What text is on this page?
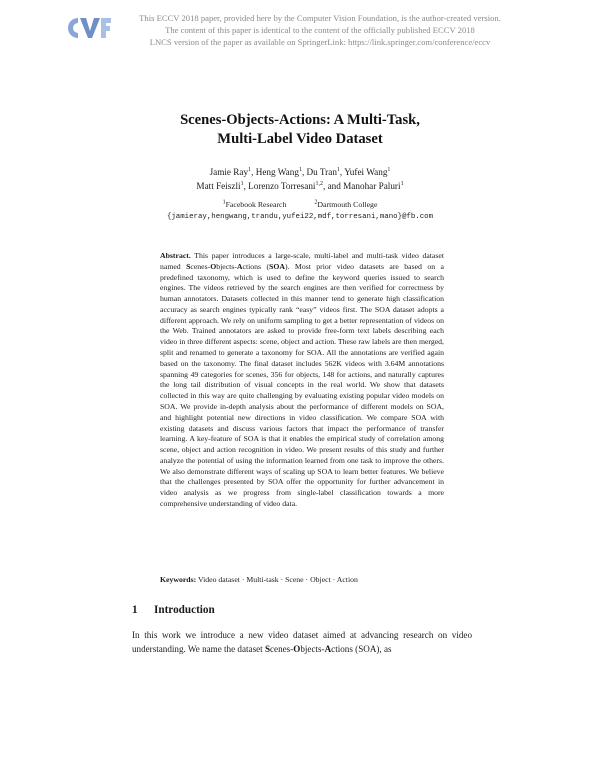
CVF
This ECCV 2018 paper, provided here by the Computer Vision Foundation, is the author-created version.
The content of this paper is identical to the content of the officially published ECCV 2018
LNCS version of the paper as available on SpringerLink: https://link.springer.com/conference/eccv
Scenes-Objects-Actions: A Multi-Task,
Multi-Label Video Dataset
Jamie Ray$^1$, Heng Wang$^1$, Du Tran$^1$, Yufei Wang$^1$
Matt Feiszli$^1$, Lorenzo Torresani$^{1,2}$, and Manohar Paluri$^1$
$^1$Facebook Research	$^2$Dartmouth College
{jamieray,hengwang,trandu,yufei22,mdf,torresani,mano}@fb.com
Abstract. This paper introduces a large-scale, multi-label and multi-task video dataset named Scenes-Objects-Actions (SOA). Most prior video datasets are based on a predefined taxonomy, which is used to define the keyword queries issued to search engines. The videos retrieved by the search engines are then verified for correctness by human annotators. Datasets collected in this manner tend to generate high classification accuracy as search engines typically rank “easy” videos first. The SOA dataset adopts a different approach. We rely on uniform sampling to get a better representation of videos on the Web. Trained annotators are asked to provide free-form text labels describing each video in three different aspects: scene, object and action. These raw labels are then merged, split and renamed to generate a taxonomy for SOA. All the annotations are verified again based on the taxonomy. The final dataset includes 562K videos with 3.64M annotations spanning 49 categories for scenes, 356 for objects, 148 for actions, and naturally captures the long tail distribution of visual concepts in the real world. We show that datasets collected in this way are quite challenging by evaluating existing popular video models on SOA. We provide in-depth analysis about the performance of different models on SOA, and highlight potential new directions in video classification. We compare SOA with existing datasets and discuss various factors that impact the performance of transfer learning. A key-feature of SOA is that it enables the empirical study of correlation among scene, object and action recognition in video. We present results of this study and further analyze the potential of using the information learned from one task to improve the others. We also demonstrate different ways of scaling up SOA to learn better features. We believe that the challenges presented by SOA offer the opportunity for further advancement in video analysis as we progress from single-label classification towards a more comprehensive understanding of video data.
Keywords: Video dataset · Multi-task · Scene · Object · Action
1 Introduction
In this work we introduce a new video dataset aimed at advancing research on video understanding. We name the dataset Scenes-Objects-Actions (SOA), as
